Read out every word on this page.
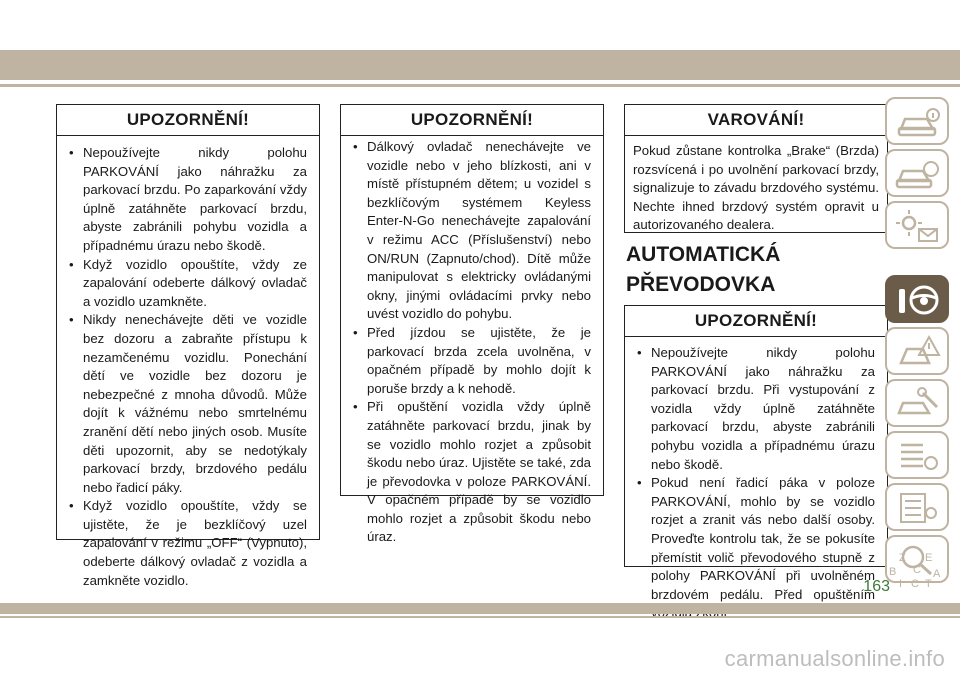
UPOZORNĚNÍ!
• Nepoužívejte nikdy polohu PARKOVÁNÍ jako náhražku za parkovací brzdu. Po zaparkování vždy úplně zatáhněte parkovací brzdu, abyste zabránili pohybu vozidla a případnému úrazu nebo škodě.
• Když vozidlo opouštíte, vždy ze zapalování odeberte dálkový ovladač a vozidlo uzamkněte.
• Nikdy nenechávejte děti ve vozidle bez dozoru a zabraňte přístupu k nezamčenému vozidlu. Ponechání dětí ve vozidle bez dozoru je nebezpečné z mnoha důvodů. Může dojít k vážnému nebo smrtelnému zranění dětí nebo jiných osob. Musíte děti upozornit, aby se nedotýkaly parkovací brzdy, brzdového pedálu nebo řadicí páky.
• Když vozidlo opouštíte, vždy se ujistěte, že je bezklíčový uzel zapalování v režimu „OFF“ (Vypnuto), odeberte dálkový ovladač z vozidla a zamkněte vozidlo.
UPOZORNĚNÍ!
• Dálkový ovladač nenechávejte ve vozidle nebo v jeho blízkosti, ani v místě přístupném dětem; u vozidel s bezklíčovým systémem Keyless Enter-N-Go nenechávejte zapalování v režimu ACC (Příslušenství) nebo ON/RUN (Zapnuto/chod). Dítě může manipulovat s elektricky ovládanými okny, jinými ovládacími prvky nebo uvést vozidlo do pohybu.
• Před jízdou se ujistěte, že je parkovací brzda zcela uvolněna, v opačném případě by mohlo dojít k poruše brzdy a k nehodě.
• Při opuštění vozidla vždy úplně zatáhněte parkovací brzdu, jinak by se vozidlo mohlo rozjet a způsobit škodu nebo úraz. Ujistěte se také, zda je převodovka v poloze PARKOVÁNÍ. V opačném případě by se vozidlo mohlo rozjet a způsobit škodu nebo úraz.
VAROVÁNÍ!
Pokud zůstane kontrolka „Brake“ (Brzda) rozsvícená i po uvolnění parkovací brzdy, signalizuje to závadu brzdového systému. Nechte ihned brzdový systém opravit u autorizovaného dealera.
AUTOMATICKÁ
PŘEVODOVKA
UPOZORNĚNÍ!
• Nepoužívejte nikdy polohu PARKOVÁNÍ jako náhražku za parkovací brzdu. Při vystupování z vozidla vždy úplně zatáhněte parkovací brzdu, abyste zabránili pohybu vozidla a případnému úrazu nebo škodě.
• Pokud není řadicí páka v poloze PARKOVÁNÍ, mohlo by se vozidlo rozjet a zranit vás nebo další osoby. Proveďte kontrolu tak, že se pokusíte přemístit volič převodového stupně z polohy PARKOVÁNÍ při uvolněném brzdovém pedálu. Před opuštěním
Z E
B C A
I C T
163
carmanualsonline.info
